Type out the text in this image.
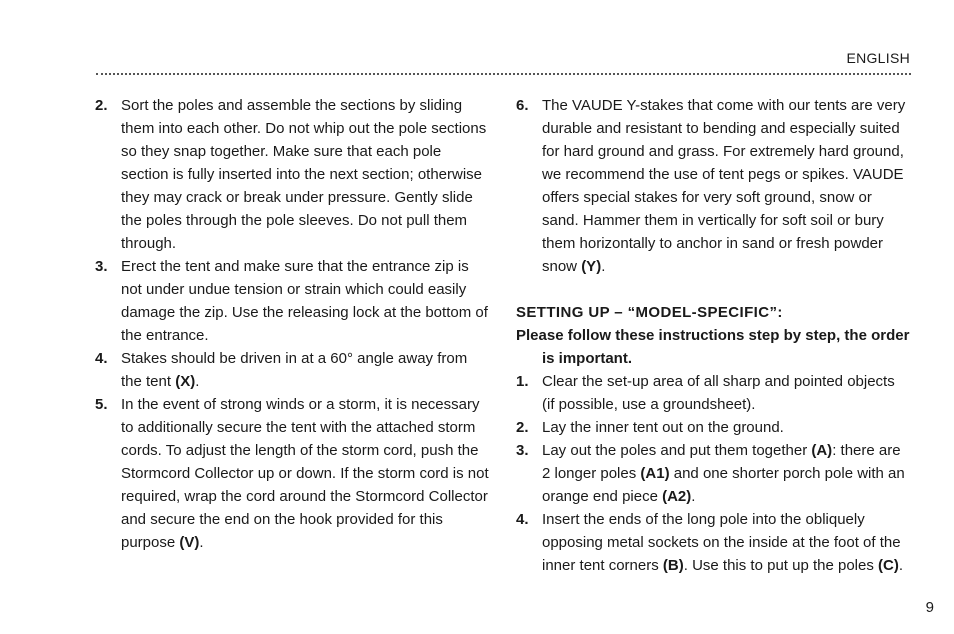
ENGLISH
2. Sort the poles and assemble the sections by sliding them into each other. Do not whip out the pole sections so they snap together. Make sure that each pole section is fully inserted into the next section; otherwise they may crack or break under pressure. Gently slide the poles through the pole sleeves. Do not pull them through.
3. Erect the tent and make sure that the entrance zip is not under undue tension or strain which could easily damage the zip. Use the releasing lock at the bottom of the entrance.
4. Stakes should be driven in at a 60° angle away from the tent (X).
5. In the event of strong winds or a storm, it is necessary to additionally secure the tent with the attached storm cords. To adjust the length of the storm cord, push the Stormcord Collector up or down. If the storm cord is not required, wrap the cord around the Stormcord Collector and secure the end on the hook provided for this purpose (V).
6. The VAUDE Y-stakes that come with our tents are very durable and resistant to bending and especially suited for hard ground and grass. For extremely hard ground, we recommend the use of tent pegs or spikes. VAUDE offers special stakes for very soft ground, snow or sand. Hammer them in vertically for soft soil or bury them horizontally to anchor in sand or fresh powder snow (Y).
SETTING UP – “MODEL-SPECIFIC”:
Please follow these instructions step by step, the order is important.
1. Clear the set-up area of all sharp and pointed objects (if possible, use a groundsheet).
2. Lay the inner tent out on the ground.
3. Lay out the poles and put them together (A): there are 2 longer poles (A1) and one shorter porch pole with an orange end piece (A2).
4. Insert the ends of the long pole into the obliquely opposing metal sockets on the inside at the foot of the inner tent corners (B). Use this to put up the poles (C).
9
